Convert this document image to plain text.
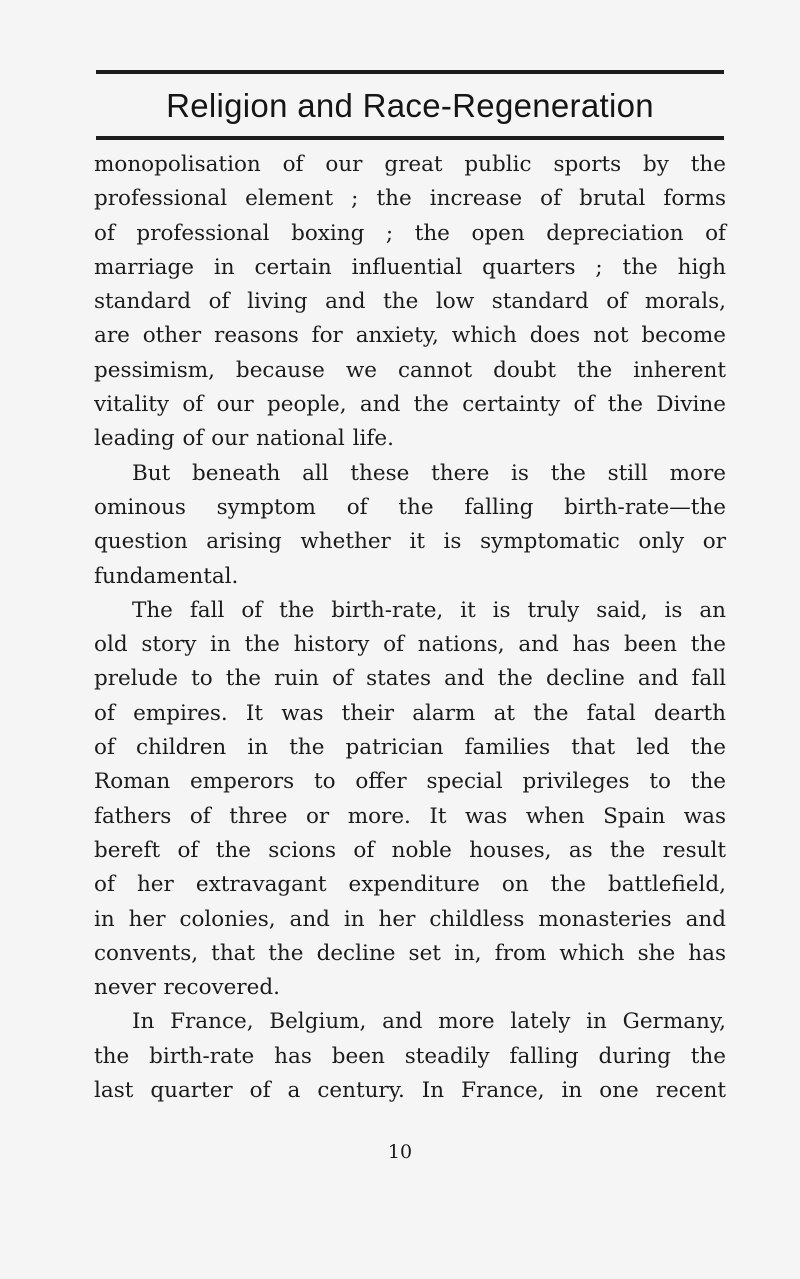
Religion and Race-Regeneration

monopolisation of our great public sports by the
professional element ; the increase of brutal forms
of professional boxing ; the open depreciation of
marriage in certain influential quarters ; the high
standard of living and the low standard of morals,
are other reasons for anxiety, which does not become
pessimism, because we cannot doubt the inherent
vitality of our people, and the certainty of the Divine
leading of our national life.

But beneath all these there is the still more
ominous symptom of the falling birth-rate—the
question arising whether it is symptomatic only or
fundamental.

The fall of the birth-rate, it is truly said, is an
old story in the history of nations, and has been the
prelude to the ruin of states and the decline and fall
of empires. It was their alarm at the fatal dearth
of children in the patrician families that led the
Roman emperors to offer special privileges to the
fathers of three or more. It was when Spain was
bereft of the scions of noble houses, as the result
of her extravagant expenditure on the battlefield,
in her colonies, and in her childless monasteries and
convents, that the decline set in, from which she has
never recovered.

In France, Belgium, and more lately in Germany,
the birth-rate has been steadily falling during the
last quarter of a century. In France, in one recent

10
